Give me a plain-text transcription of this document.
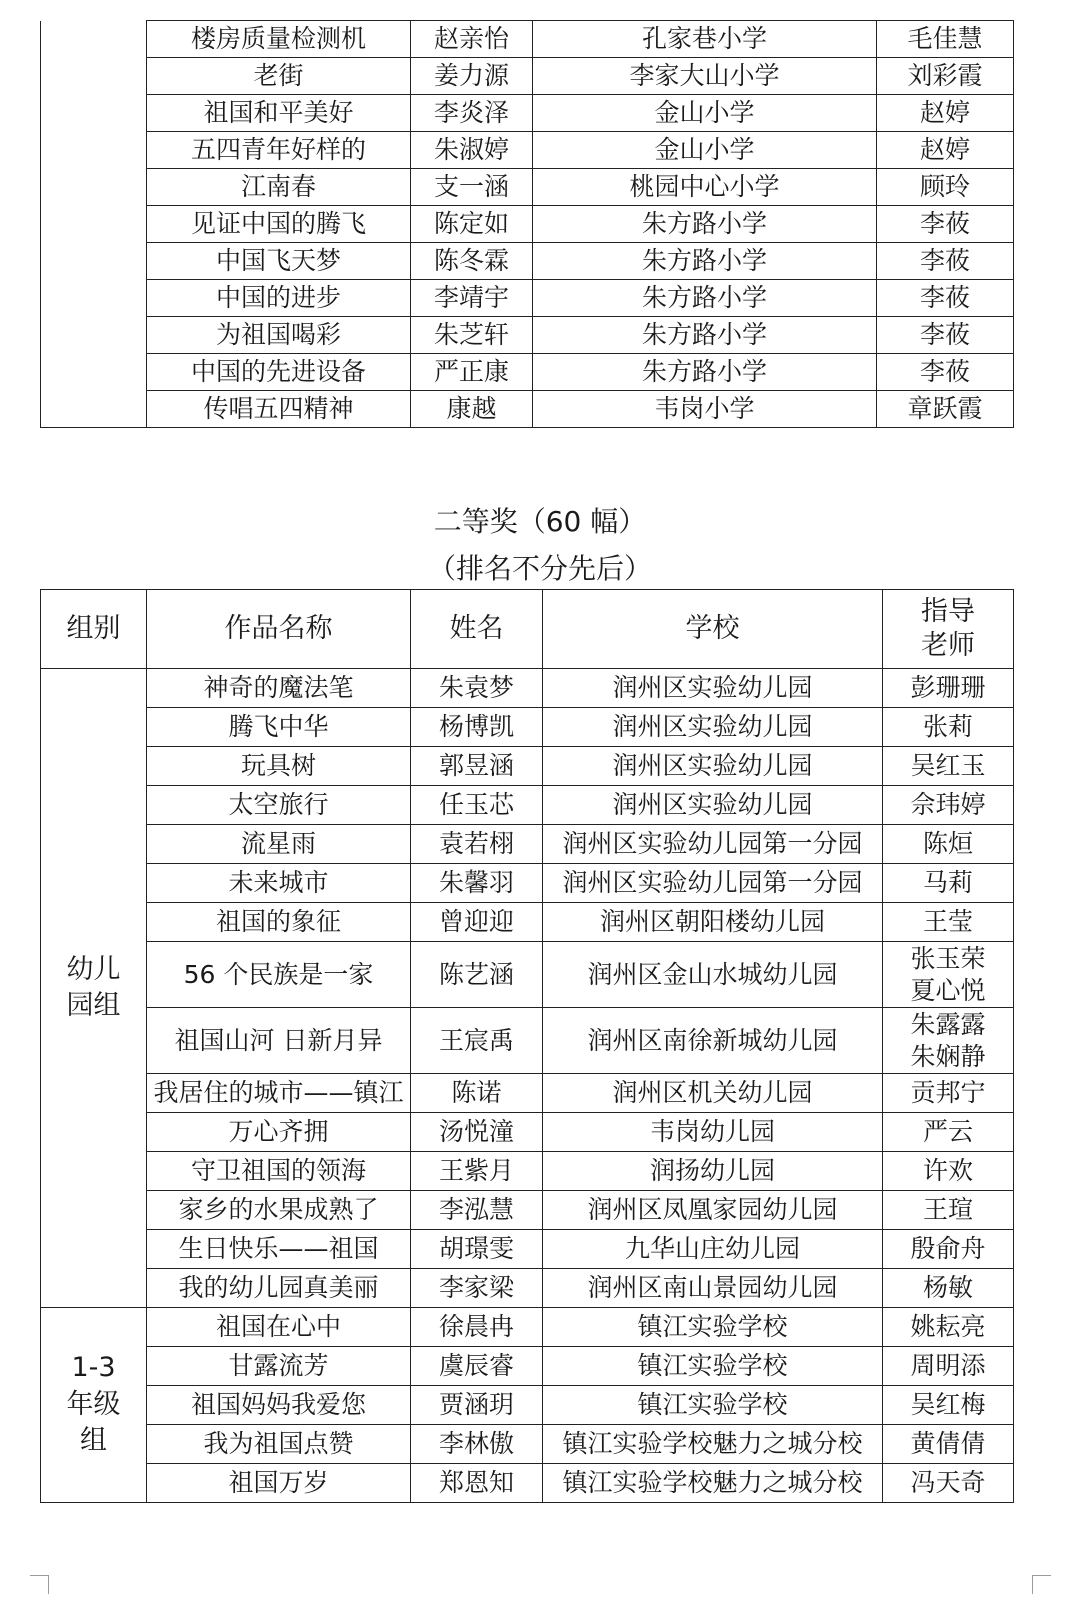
	楼房质量检测机	赵亲怡	孔家巷小学	毛佳慧
	老街	姜力源	李家大山小学	刘彩霞
	祖国和平美好	李炎泽	金山小学	赵婷
	五四青年好样的	朱淑婷	金山小学	赵婷
	江南春	支一涵	桃园中心小学	顾玲
	见证中国的腾飞	陈定如	朱方路小学	李莜
	中国飞天梦	陈冬霖	朱方路小学	李莜
	中国的进步	李靖宇	朱方路小学	李莜
	为祖国喝彩	朱芝轩	朱方路小学	李莜
	中国的先进设备	严正康	朱方路小学	李莜
	传唱五四精神	康越	韦岗小学	章跃霞
二等奖（60 幅）
（排名不分先后）
组别	作品名称	姓名	学校	指导
老师

幼儿
园组	神奇的魔法笔	朱袁梦	润州区实验幼儿园	彭珊珊
	腾飞中华	杨博凯	润州区实验幼儿园	张莉
	玩具树	郭昱涵	润州区实验幼儿园	吴红玉
	太空旅行	任玉芯	润州区实验幼儿园	佘玮婷
	流星雨	袁若栩	润州区实验幼儿园第一分园	陈烜
	未来城市	朱馨羽	润州区实验幼儿园第一分园	马莉
	祖国的象征	曾迎迎	润州区朝阳楼幼儿园	王莹
	56 个民族是一家	陈艺涵	润州区金山水城幼儿园	张玉荣
夏心悦

	祖国山河 日新月异	王宸禹	润州区南徐新城幼儿园	朱露露
朱娴静

	我居住的城市——镇江	陈诺	润州区机关幼儿园	贡邦宁
	万心齐拥	汤悦潼	韦岗幼儿园	严云
	守卫祖国的领海	王紫月	润扬幼儿园	许欢
	家乡的水果成熟了	李泓慧	润州区凤凰家园幼儿园	王瑄
	生日快乐——祖国	胡璟雯	九华山庄幼儿园	殷俞舟
	我的幼儿园真美丽	李家梁	润州区南山景园幼儿园	杨敏

1-3
年级
组	祖国在心中	徐晨冉	镇江实验学校	姚耘亮
	甘露流芳	虞辰睿	镇江实验学校	周明添
	祖国妈妈我爱您	贾涵玥	镇江实验学校	吴红梅
	我为祖国点赞	李林傲	镇江实验学校魅力之城分校	黄倩倩
	祖国万岁	郑恩知	镇江实验学校魅力之城分校	冯天奇
